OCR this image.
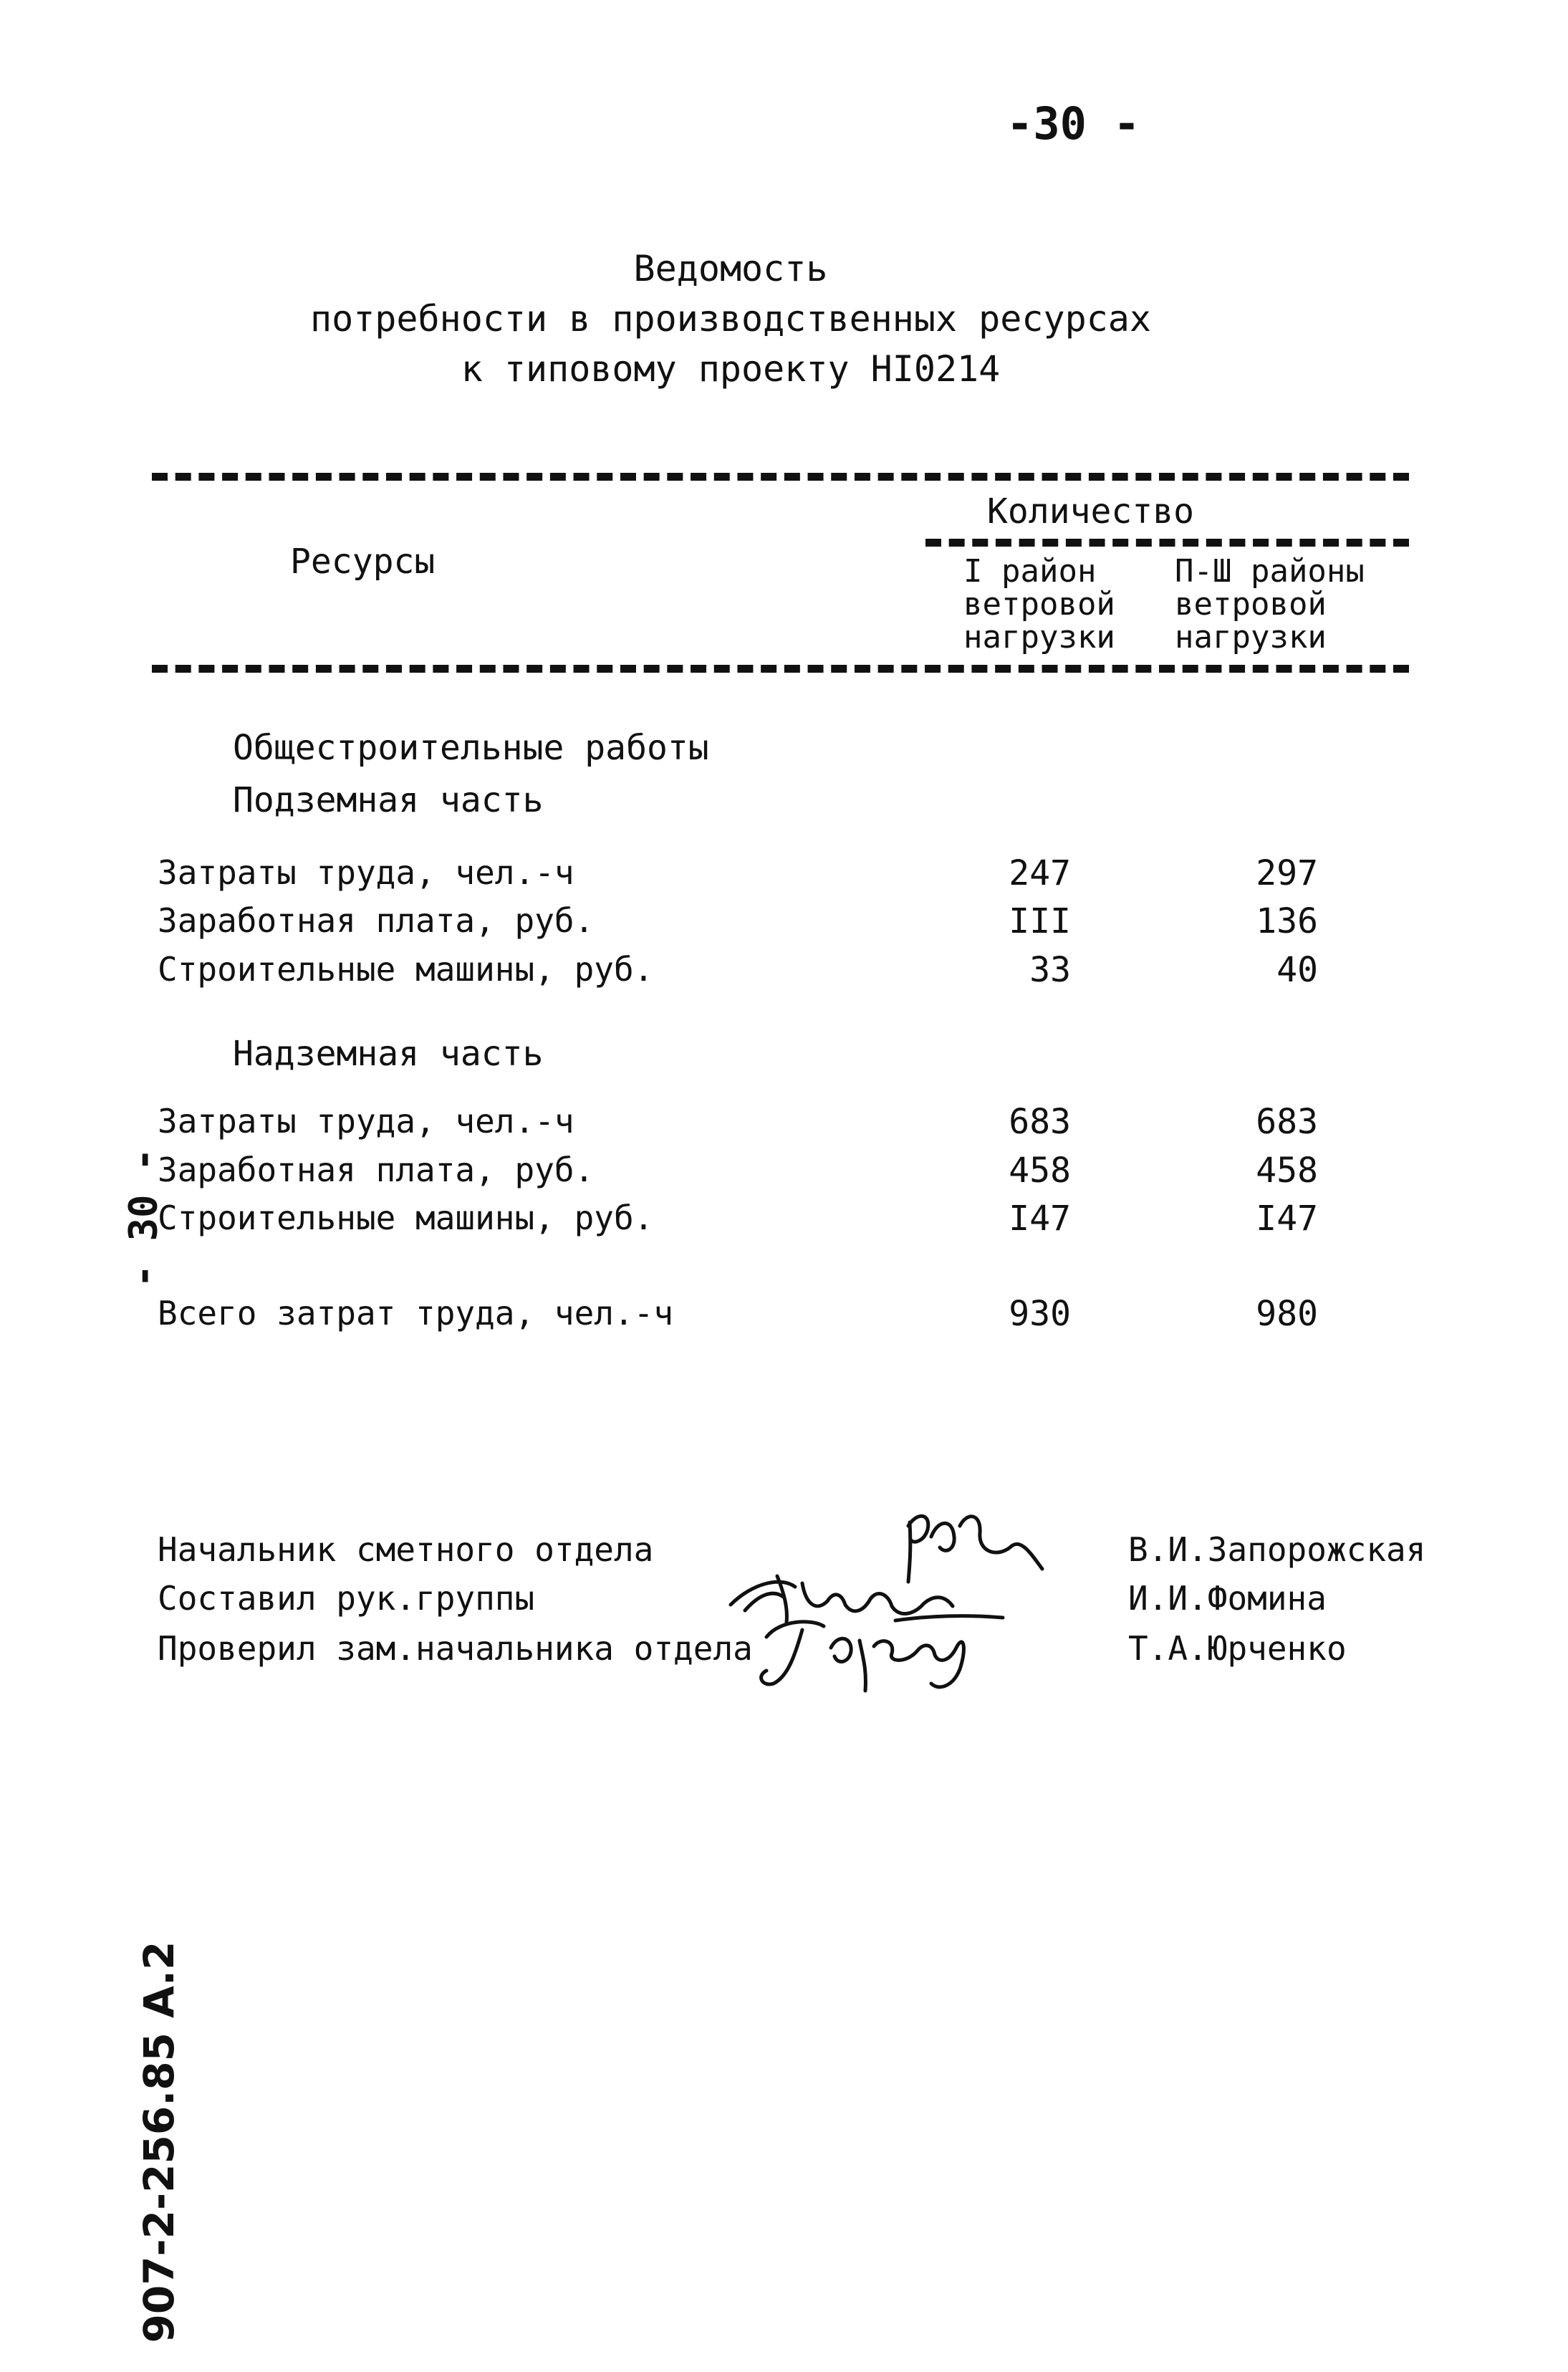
-30 -
Ведомость
потребности в производственных ресурсах
к типовому проекту НІ0214
Ресурсы
Количество
I район
ветровой
нагрузки
П-Ш районы
ветровой
нагрузки
Общестроительные работы
Подземная часть
Затраты труда, чел.-ч	247	297
Заработная плата, руб.	III	136
Строительные машины, руб.	33	40
Надземная часть
Затраты труда, чел.-ч	683	683
Заработная плата, руб.	458	458
Строительные машины, руб.	I47	I47
Всего затрат труда, чел.-ч	930	980
- 30 -
Начальник сметного отдела	В.И.Запорожская
Составил рук.группы	И.И.Фомина
Проверил зам.начальника отдела	Т.А.Юрченко
907-2-256.85 А.2
